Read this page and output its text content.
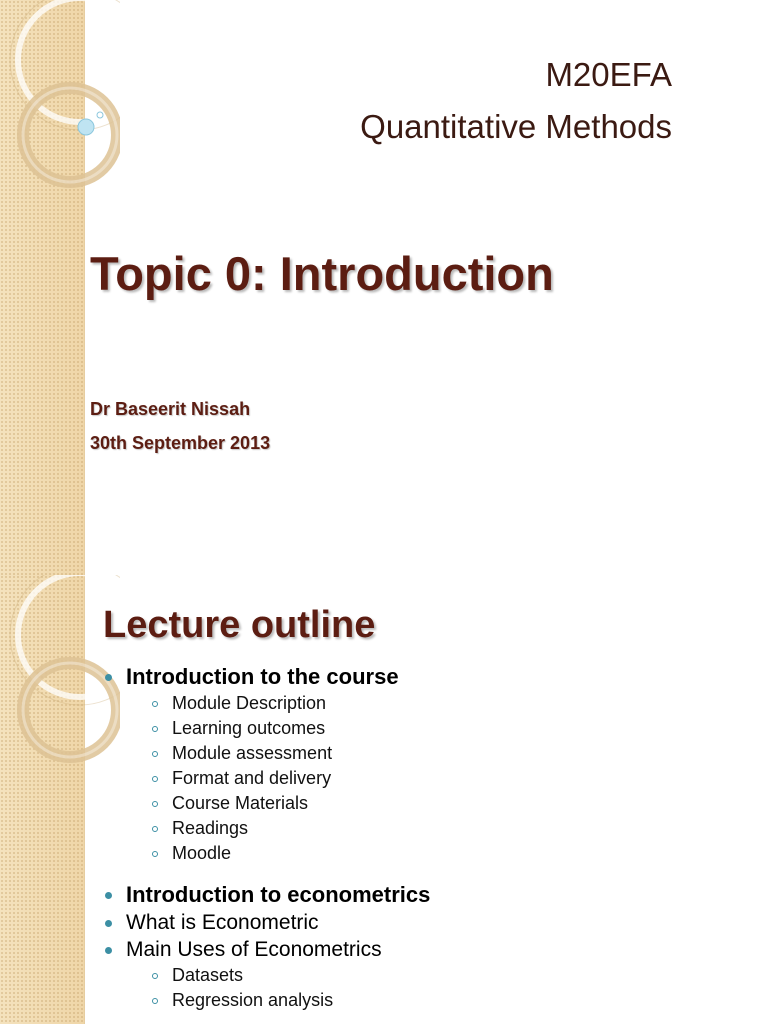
M20EFA
Quantitative Methods
Topic 0: Introduction

Dr Baseerit Nissah

30th September 2013

Lecture outline
Introduction to the course
Module Description
Learning outcomes
Module assessment
Format and delivery
Course Materials
Readings
Moodle
Introduction to econometrics
What is Econometric
Main Uses of Econometrics
Datasets
Regression analysis
